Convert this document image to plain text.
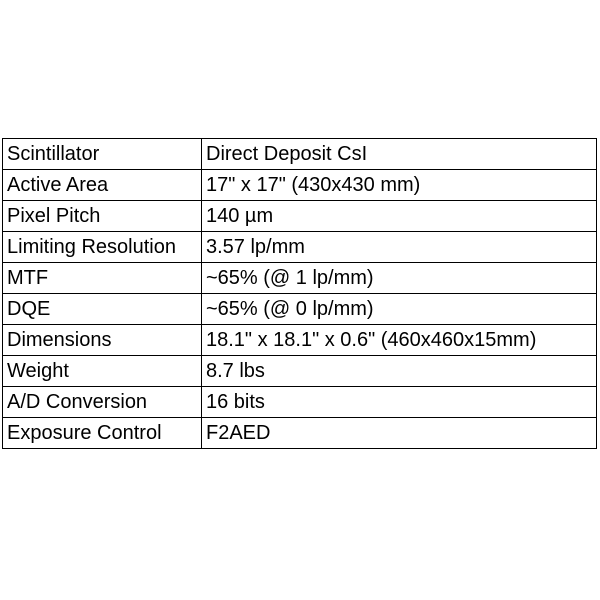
Scintillator	Direct Deposit CsI
Active Area	17" x 17" (430x430 mm)
Pixel Pitch	140 µm
Limiting Resolution	3.57 lp/mm
MTF	~65% (@ 1 lp/mm)
DQE	~65% (@ 0 lp/mm)
Dimensions	18.1" x 18.1" x 0.6" (460x460x15mm)
Weight	8.7 lbs
A/D Conversion	16 bits
Exposure Control	F2AED
